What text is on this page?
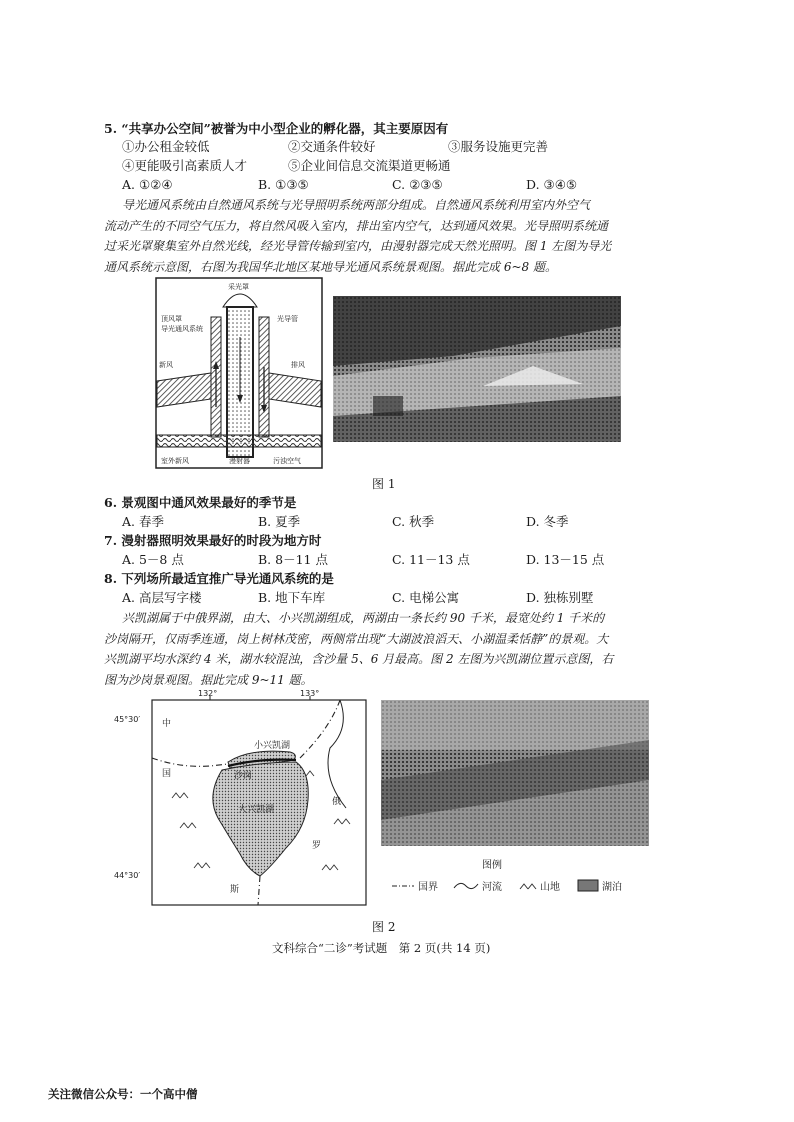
5. “共享办公空间”被誉为中小型企业的孵化器，其主要原因有
①办公租金较低	②交通条件较好	③服务设施更完善
④更能吸引高素质人才	⑤企业间信息交流渠道更畅通
A. ①②④	B. ①③⑤	C. ②③⑤	D. ③④⑤

导光通风系统由自然通风系统与光导照明系统两部分组成。自然通风系统利用室内外空气

流动产生的不同空气压力，将自然风吸入室内，排出室内空气，达到通风效果。光导照明系统通

过采光罩聚集室外自然光线，经光导管传输到室内，由漫射器完成天然光照明。图 1 左图为导光

通风系统示意图，右图为我国华北地区某地导光通风系统景观图。据此完成 6~8 题。

采光罩
顶风罩
导光通风系统
光导管
室外新风	漫射器
新风
污浊空气
排风
图 1
6. 景观图中通风效果最好的季节是
A. 春季	B. 夏季	C. 秋季	D. 冬季
7. 漫射器照明效果最好的时段为地方时
A. 5－8 点	B. 8－11 点	C. 11－13 点	D. 13－15 点
8. 下列场所最适宜推广导光通风系统的是
A. 高层写字楼	B. 地下车库	C. 电梯公寓	D. 独栋别墅

兴凯湖属于中俄界湖，由大、小兴凯湖组成，两湖由一条长约 90 千米，最宽处约 1 千米的

沙岗隔开，仅雨季连通，岗上树林茂密，两侧常出现“大湖波浪滔天、小湖温柔恬静”的景观。大

兴凯湖平均水深约 4 米，湖水较混浊，含沙量 5、6 月最高。图 2 左图为兴凯湖位置示意图，右

图为沙岗景观图。据此完成 9~11 题。

132°	133°
45°30′
44°30′
中
国
小兴凯湖
沙岗
大兴凯湖
俄
罗
斯
图例
国界	河流	山地	湖泊
图 2
文科综合“二诊”考试题　第 2 页(共 14 页)
关注微信公众号：一个高中僧
